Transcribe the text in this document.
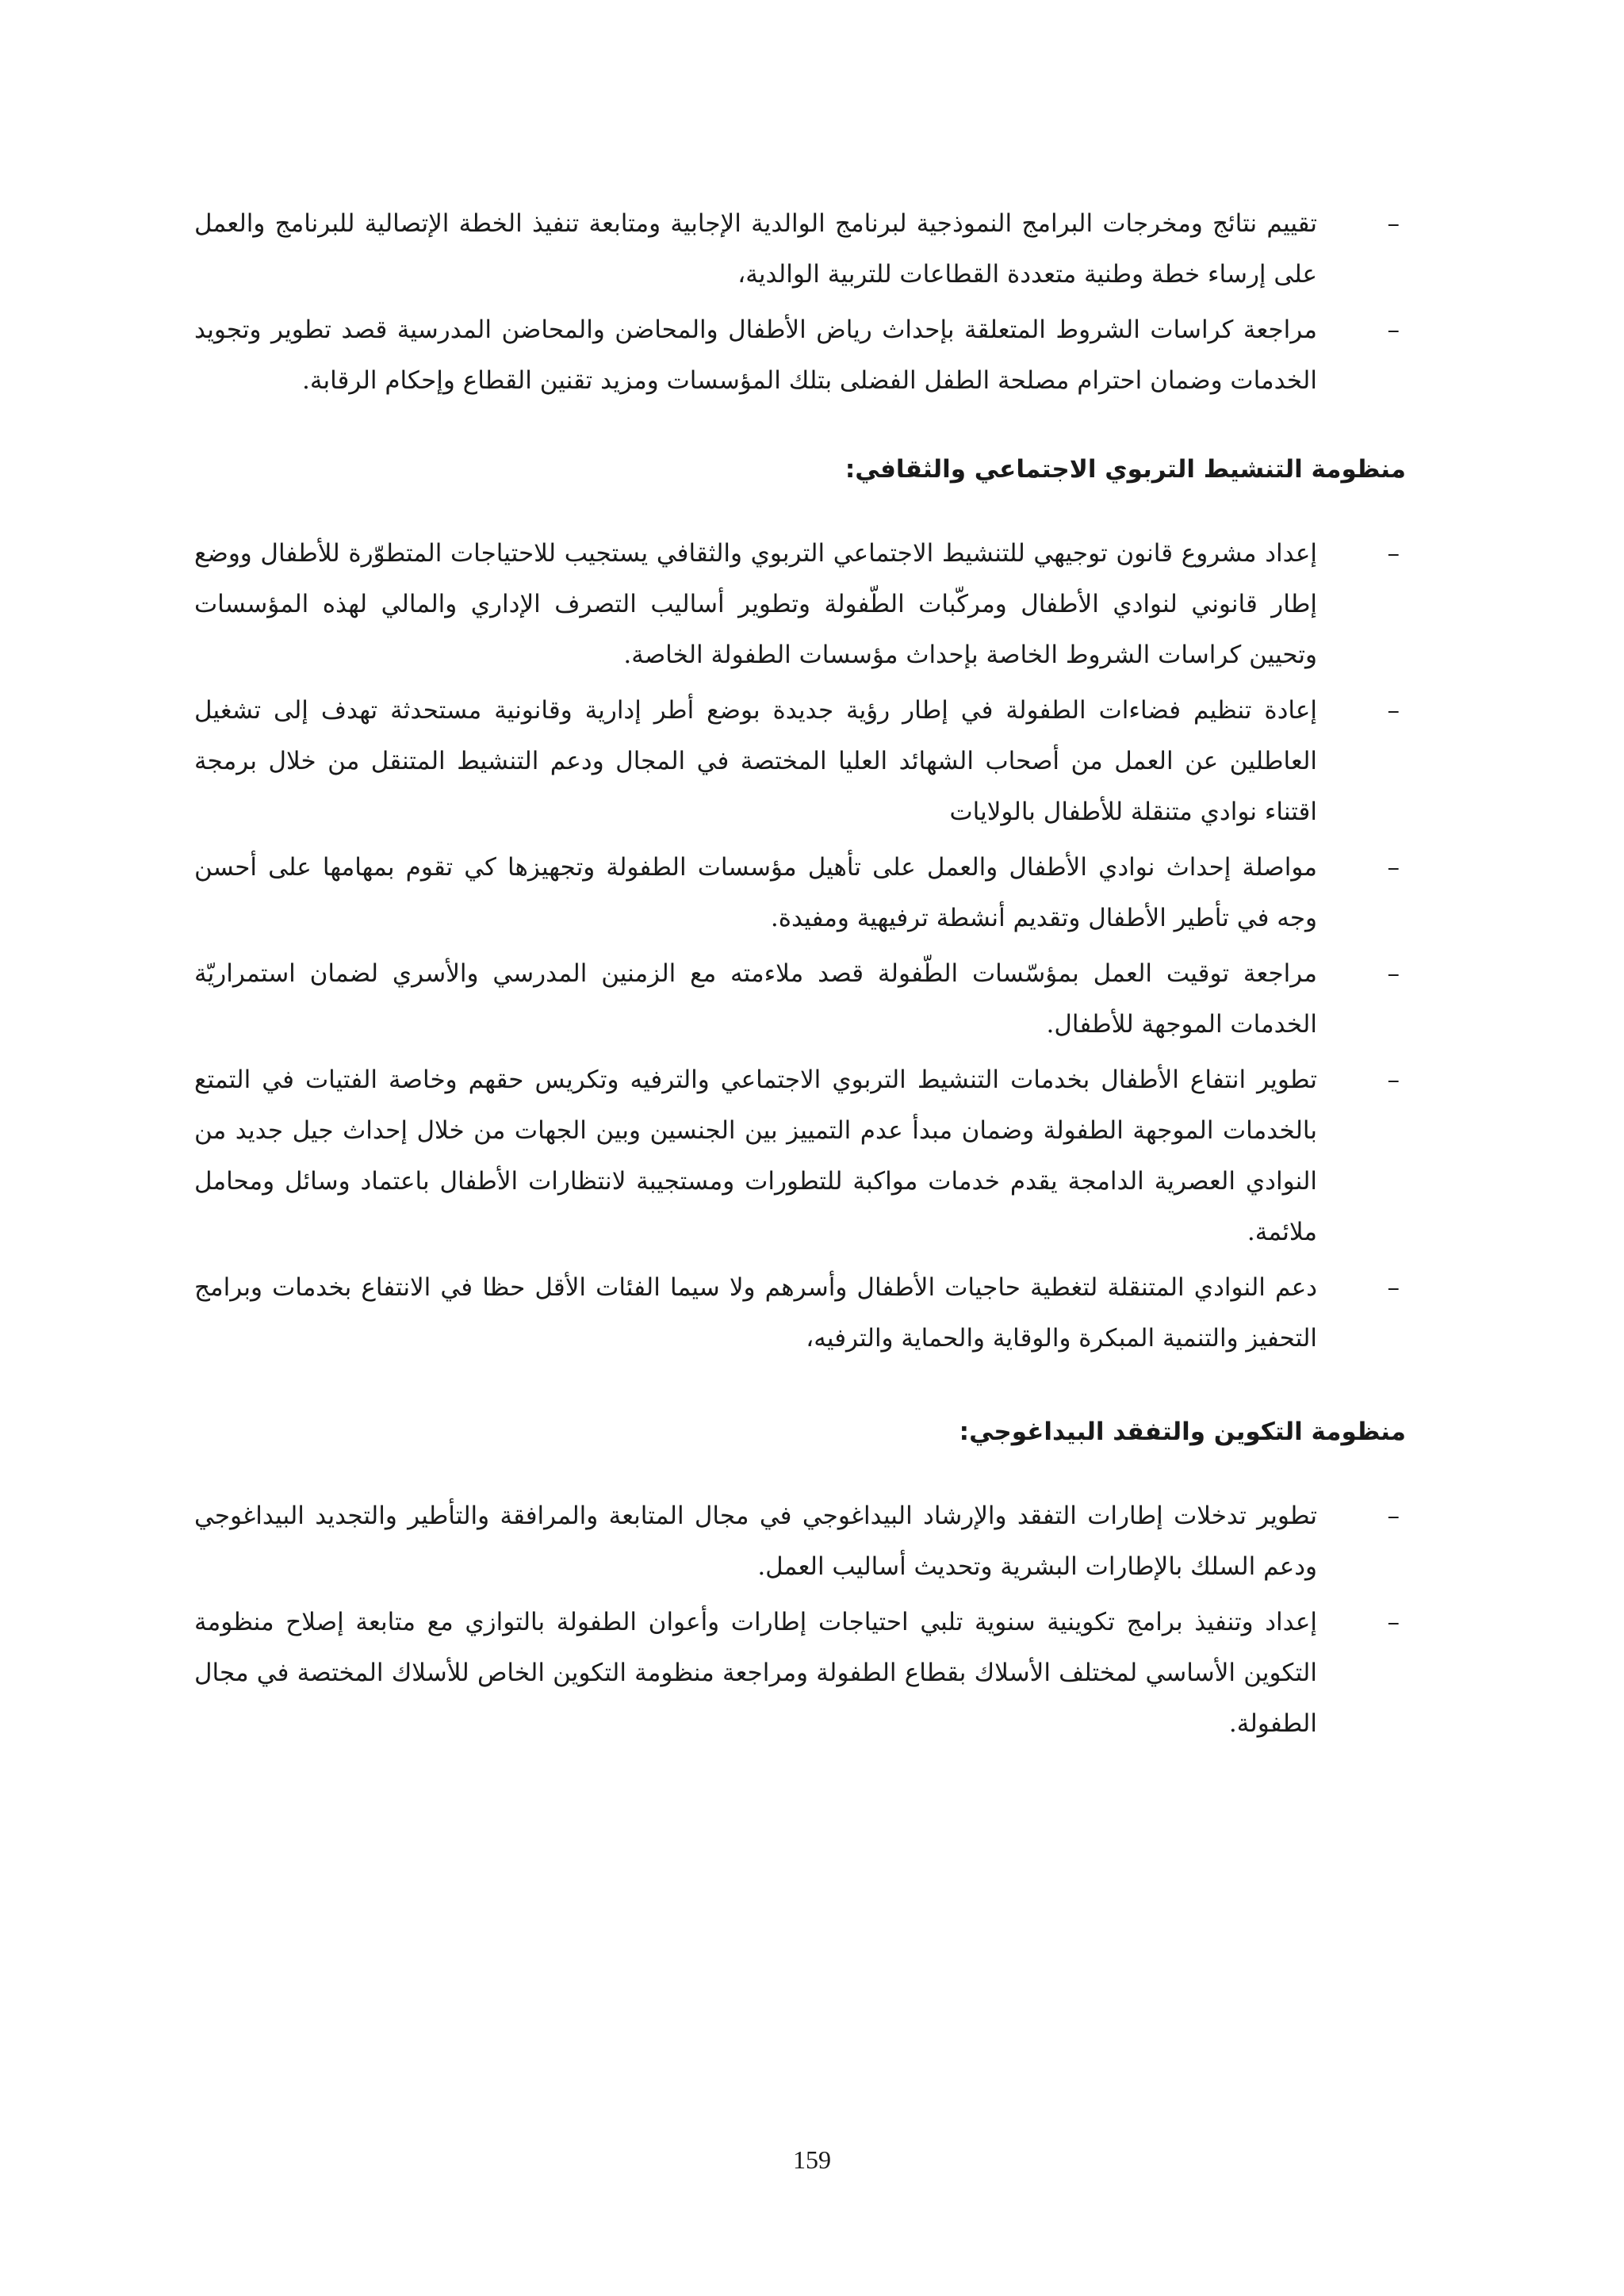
–
تقييم نتائج ومخرجات البرامج النموذجية لبرنامج الوالدية الإجابية ومتابعة تنفيذ الخطة الإتصالية للبرنامج والعمل على إرساء خطة وطنية متعددة القطاعات للتربية الوالدية،
–
مراجعة كراسات الشروط المتعلقة بإحداث رياض الأطفال والمحاضن والمحاضن المدرسية قصد تطوير وتجويد الخدمات وضمان احترام مصلحة الطفل الفضلى بتلك المؤسسات ومزيد تقنين القطاع وإحكام الرقابة.
منظومة التنشيط التربوي الاجتماعي والثقافي:
–
إعداد مشروع قانون توجيهي للتنشيط الاجتماعي التربوي والثقافي يستجيب للاحتياجات المتطوّرة للأطفال ووضع إطار قانوني لنوادي الأطفال ومركّبات الطّفولة وتطوير أساليب التصرف الإداري والمالي لهذه المؤسسات وتحيين كراسات الشروط الخاصة بإحداث مؤسسات الطفولة الخاصة.
–
إعادة تنظيم فضاءات الطفولة في إطار رؤية جديدة بوضع أطر إدارية وقانونية مستحدثة تهدف إلى تشغيل العاطلين عن العمل من أصحاب الشهائد العليا المختصة في المجال ودعم التنشيط المتنقل من خلال برمجة اقتناء نوادي متنقلة للأطفال بالولايات
–
مواصلة إحداث نوادي الأطفال والعمل على تأهيل مؤسسات الطفولة وتجهيزها كي تقوم بمهامها على أحسن وجه في تأطير الأطفال وتقديم أنشطة ترفيهية ومفيدة.
–
مراجعة توقيت العمل بمؤسّسات الطّفولة قصد ملاءمته مع الزمنين المدرسي والأسري لضمان استمراريّة الخدمات الموجهة للأطفال.
–
تطوير انتفاع الأطفال بخدمات التنشيط التربوي الاجتماعي والترفيه وتكريس حقهم وخاصة الفتيات في التمتع بالخدمات الموجهة الطفولة وضمان مبدأ عدم التمييز بين الجنسين وبين الجهات من خلال إحداث جيل جديد من النوادي العصرية الدامجة يقدم خدمات مواكبة للتطورات ومستجيبة لانتظارات الأطفال باعتماد وسائل ومحامل ملائمة.
–
دعم النوادي المتنقلة لتغطية حاجيات الأطفال وأسرهم ولا سيما الفئات الأقل حظا في الانتفاع بخدمات وبرامج التحفيز والتنمية المبكرة والوقاية والحماية والترفيه،
منظومة التكوين والتفقد البيداغوجي:
–
تطوير تدخلات إطارات التفقد والإرشاد البيداغوجي في مجال المتابعة والمرافقة والتأطير والتجديد البيداغوجي ودعم السلك بالإطارات البشرية وتحديث أساليب العمل.
–
إعداد وتنفيذ برامج تكوينية سنوية تلبي احتياجات إطارات وأعوان الطفولة بالتوازي مع متابعة إصلاح منظومة التكوين الأساسي لمختلف الأسلاك بقطاع الطفولة ومراجعة منظومة التكوين الخاص للأسلاك المختصة في مجال الطفولة.
159
